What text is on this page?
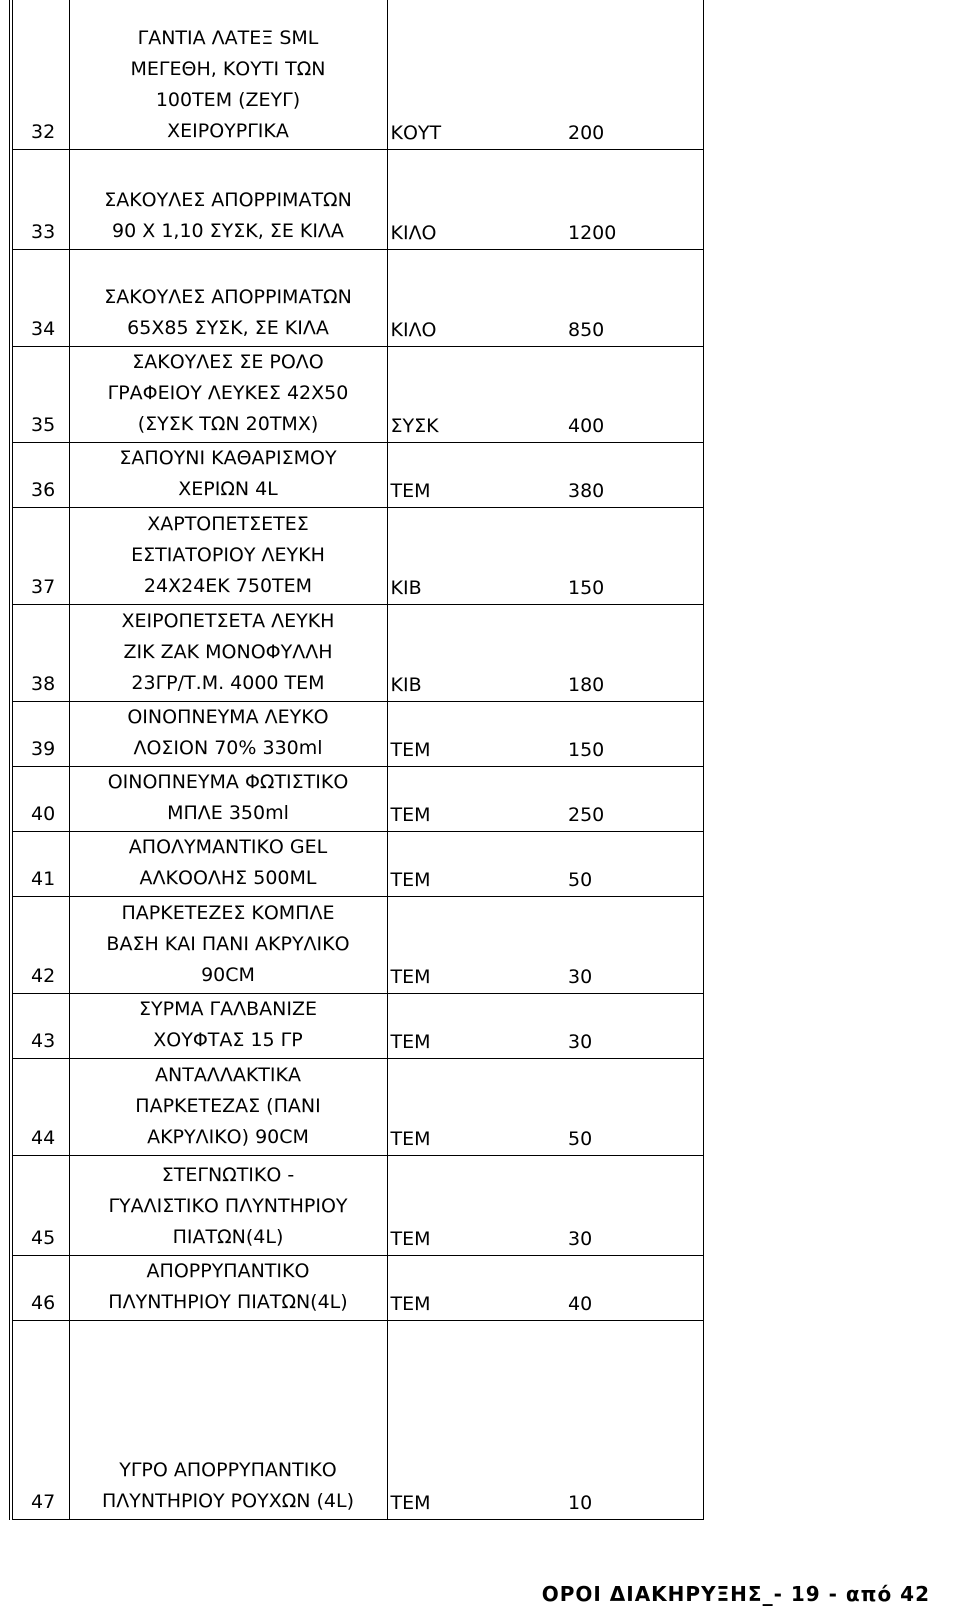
32	ΓΑΝΤΙΑ ΛΑΤΕΞ SML
ΜΕΓΕΘΗ, ΚΟΥΤΙ ΤΩΝ
100ΤΕΜ (ΖΕΥΓ)
ΧΕΙΡΟΥΡΓΙΚΑ	ΚΟΥΤ	200
33	ΣΑΚΟΥΛΕΣ ΑΠΟΡΡΙΜΑΤΩΝ
90 Χ 1,10 ΣΥΣΚ, ΣΕ ΚΙΛΑ	ΚΙΛΟ	1200
34	ΣΑΚΟΥΛΕΣ ΑΠΟΡΡΙΜΑΤΩΝ
65Χ85 ΣΥΣΚ, ΣΕ ΚΙΛΑ	ΚΙΛΟ	850
35	ΣΑΚΟΥΛΕΣ ΣΕ ΡΟΛΟ
ΓΡΑΦΕΙΟΥ ΛΕΥΚΕΣ 42Χ50
(ΣΥΣΚ ΤΩΝ 20ΤΜΧ)	ΣΥΣΚ	400
36	ΣΑΠΟΥΝΙ ΚΑΘΑΡΙΣΜΟΥ
ΧΕΡΙΩΝ 4L	ΤΕΜ	380
37	ΧΑΡΤΟΠΕΤΣΕΤΕΣ
ΕΣΤΙΑΤΟΡΙΟΥ ΛΕΥΚΗ
24Χ24ΕΚ 750ΤΕΜ	ΚΙΒ	150
38	ΧΕΙΡΟΠΕΤΣΕΤΑ ΛΕΥΚΗ
ΖΙΚ ΖΑΚ ΜΟΝΟΦΥΛΛΗ
23ΓΡ/Τ.Μ. 4000 ΤΕΜ	ΚΙΒ	180
39	ΟΙΝΟΠΝΕΥΜΑ ΛΕΥΚΟ
ΛΟΣΙΟΝ 70% 330ml	ΤΕΜ	150
40	ΟΙΝΟΠΝΕΥΜΑ ΦΩΤΙΣΤΙΚΟ
ΜΠΛΕ 350ml	ΤΕΜ	250
41	ΑΠΟΛΥΜΑΝΤΙΚΟ GEL
ΑΛΚΟΟΛΗΣ 500ML	ΤΕΜ	50
42	ΠΑΡΚΕΤΕΖΕΣ ΚΟΜΠΛΕ
ΒΑΣΗ ΚΑΙ ΠΑΝΙ ΑΚΡΥΛΙΚΟ
90CM	ΤΕΜ	30
43	ΣΥΡΜΑ ΓΑΛΒΑΝΙΖΕ
ΧΟΥΦΤΑΣ 15 ΓΡ	ΤΕΜ	30
44	ΑΝΤΑΛΛΑΚΤΙΚΑ
ΠΑΡΚΕΤΕΖΑΣ (ΠΑΝΙ
ΑΚΡΥΛΙΚΟ) 90CM	ΤΕΜ	50
45	ΣΤΕΓΝΩΤΙΚΟ -
ΓΥΑΛΙΣΤΙΚΟ ΠΛΥΝΤΗΡΙΟΥ
ΠΙΑΤΩΝ(4L)	ΤΕΜ	30
46	ΑΠΟΡΡΥΠΑΝΤΙΚΟ
ΠΛΥΝΤΗΡΙΟΥ ΠΙΑΤΩΝ(4L)	ΤΕΜ	40
47	ΥΓΡΟ ΑΠΟΡΡΥΠΑΝΤΙΚΟ
ΠΛΥΝΤΗΡΙΟΥ ΡΟΥΧΩΝ (4L)	ΤΕΜ	10
ΟΡΟΙ ΔΙΑΚΗΡΥΞΗΣ_- 19 - από 42
